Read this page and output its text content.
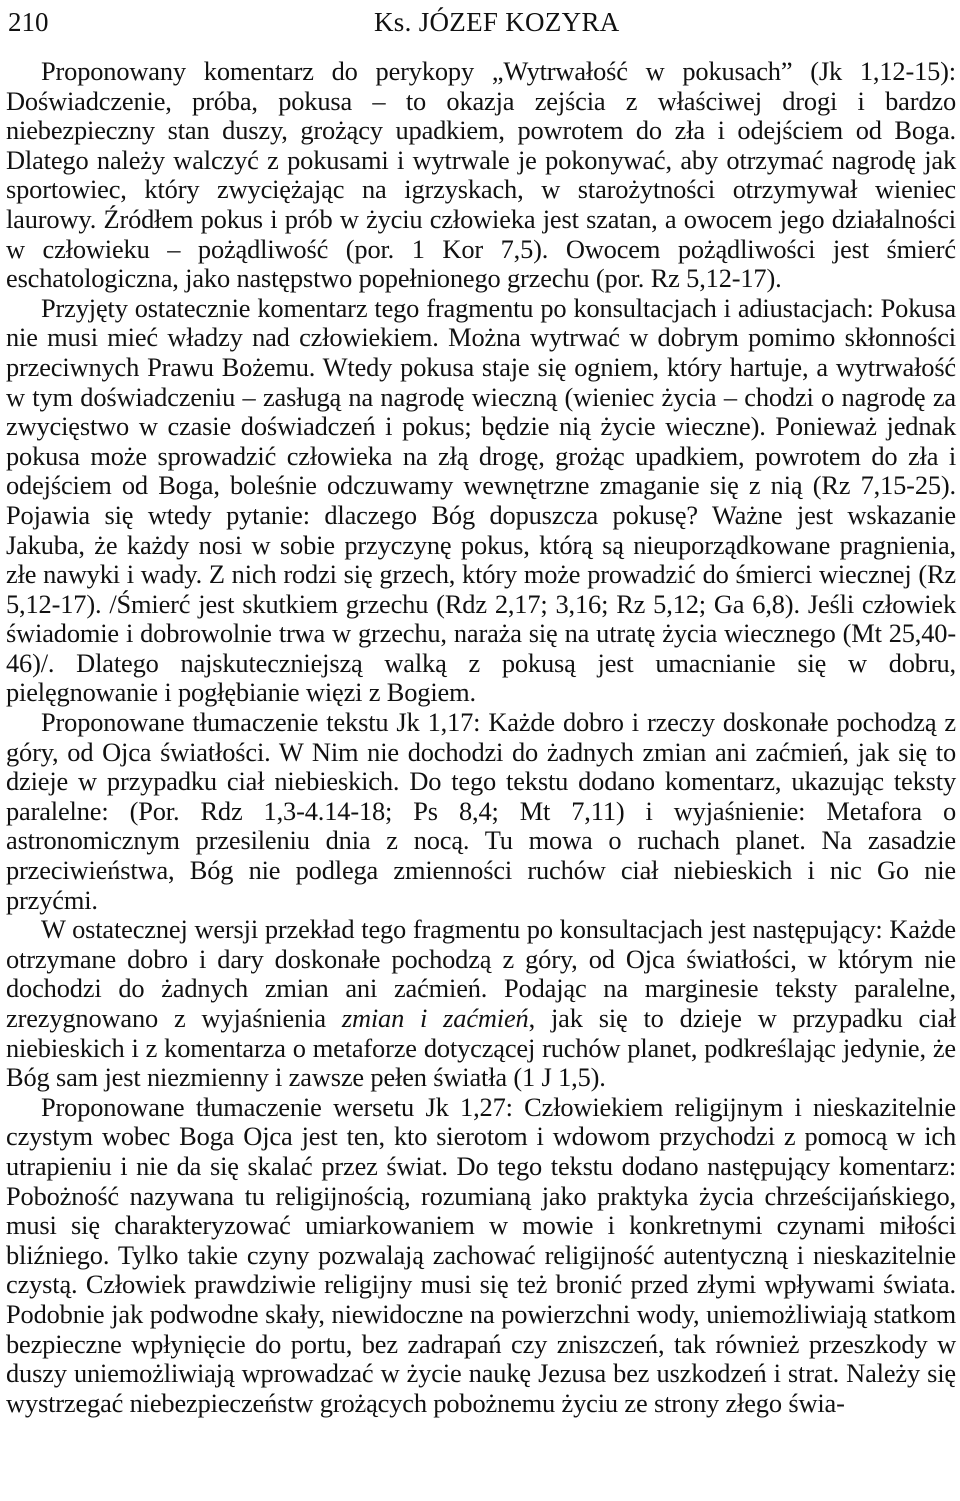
210	Ks. JÓZEF KOZYRA

Proponowany komentarz do perykopy „Wytrwałość w pokusach” (Jk 1,12-15): Doświadczenie, próba, pokusa – to okazja zejścia z właściwej drogi i bardzo niebezpieczny stan duszy, grożący upadkiem, powrotem do zła i odejściem od Boga. Dlatego należy walczyć z pokusami i wytrwale je pokonywać, aby otrzymać nagrodę jak sportowiec, który zwyciężając na igrzyskach, w starożytności otrzymywał wieniec laurowy. Źródłem pokus i prób w życiu człowieka jest szatan, a owocem jego działalności w człowieku – pożądliwość (por. 1 Kor 7,5). Owocem pożądliwości jest śmierć eschatologiczna, jako następstwo popełnionego grzechu (por. Rz 5,12-17).

Przyjęty ostatecznie komentarz tego fragmentu po konsultacjach i adiustacjach: Pokusa nie musi mieć władzy nad człowiekiem. Można wytrwać w dobrym pomimo skłonności przeciwnych Prawu Bożemu. Wtedy pokusa staje się ogniem, który hartuje, a wytrwałość w tym doświadczeniu – zasługą na nagrodę wieczną (wieniec życia – chodzi o nagrodę za zwycięstwo w czasie doświadczeń i pokus; będzie nią życie wieczne). Ponieważ jednak pokusa może sprowadzić człowieka na złą drogę, grożąc upadkiem, powrotem do zła i odejściem od Boga, boleśnie odczuwamy wewnętrzne zmaganie się z nią (Rz 7,15-25). Pojawia się wtedy pytanie: dlaczego Bóg dopuszcza pokusę? Ważne jest wskazanie Jakuba, że każdy nosi w sobie przyczynę pokus, którą są nieuporządkowane pragnienia, złe nawyki i wady. Z nich rodzi się grzech, który może prowadzić do śmierci wiecznej (Rz 5,12-17). /Śmierć jest skutkiem grzechu (Rdz 2,17; 3,16; Rz 5,12; Ga 6,8). Jeśli człowiek świadomie i dobrowolnie trwa w grzechu, naraża się na utratę życia wiecznego (Mt 25,40-46)/. Dlatego najskuteczniejszą walką z pokusą jest umacnianie się w dobru, pielęgnowanie i pogłębianie więzi z Bogiem.

Proponowane tłumaczenie tekstu Jk 1,17: Każde dobro i rzeczy doskonałe pochodzą z góry, od Ojca światłości. W Nim nie dochodzi do żadnych zmian ani zaćmień, jak się to dzieje w przypadku ciał niebieskich. Do tego tekstu dodano komentarz, ukazując teksty paralelne: (Por. Rdz 1,3-4.14-18; Ps 8,4; Mt 7,11) i wyjaśnienie: Metafora o astronomicznym przesileniu dnia z nocą. Tu mowa o ruchach planet. Na zasadzie przeciwieństwa, Bóg nie podlega zmienności ruchów ciał niebieskich i nic Go nie przyćmi.

W ostatecznej wersji przekład tego fragmentu po konsultacjach jest następujący: Każde otrzymane dobro i dary doskonałe pochodzą z góry, od Ojca światłości, w którym nie dochodzi do żadnych zmian ani zaćmień. Podając na marginesie teksty paralelne, zrezygnowano z wyjaśnienia zmian i zaćmień, jak się to dzieje w przypadku ciał niebieskich i z komentarza o metaforze dotyczącej ruchów planet, podkreślając jedynie, że Bóg sam jest niezmienny i zawsze pełen światła (1 J 1,5).

Proponowane tłumaczenie wersetu Jk 1,27: Człowiekiem religijnym i nieskazitelnie czystym wobec Boga Ojca jest ten, kto sierotom i wdowom przychodzi z pomocą w ich utrapieniu i nie da się skalać przez świat. Do tego tekstu dodano następujący komentarz: Pobożność nazywana tu religijnością, rozumianą jako praktyka życia chrześcijańskiego, musi się charakteryzować umiarkowaniem w mowie i konkretnymi czynami miłości bliźniego. Tylko takie czyny pozwalają zachować religijność autentyczną i nieskazitelnie czystą. Człowiek prawdziwie religijny musi się też bronić przed złymi wpływami świata. Podobnie jak podwodne skały, niewidoczne na powierzchni wody, uniemożliwiają statkom bezpieczne wpłynięcie do portu, bez zadrapań czy zniszczeń, tak również przeszkody w duszy uniemożliwiają wprowadzać w życie naukę Jezusa bez uszkodzeń i strat. Należy się wystrzegać niebezpieczeństw grożących pobożnemu życiu ze strony złego świa-
